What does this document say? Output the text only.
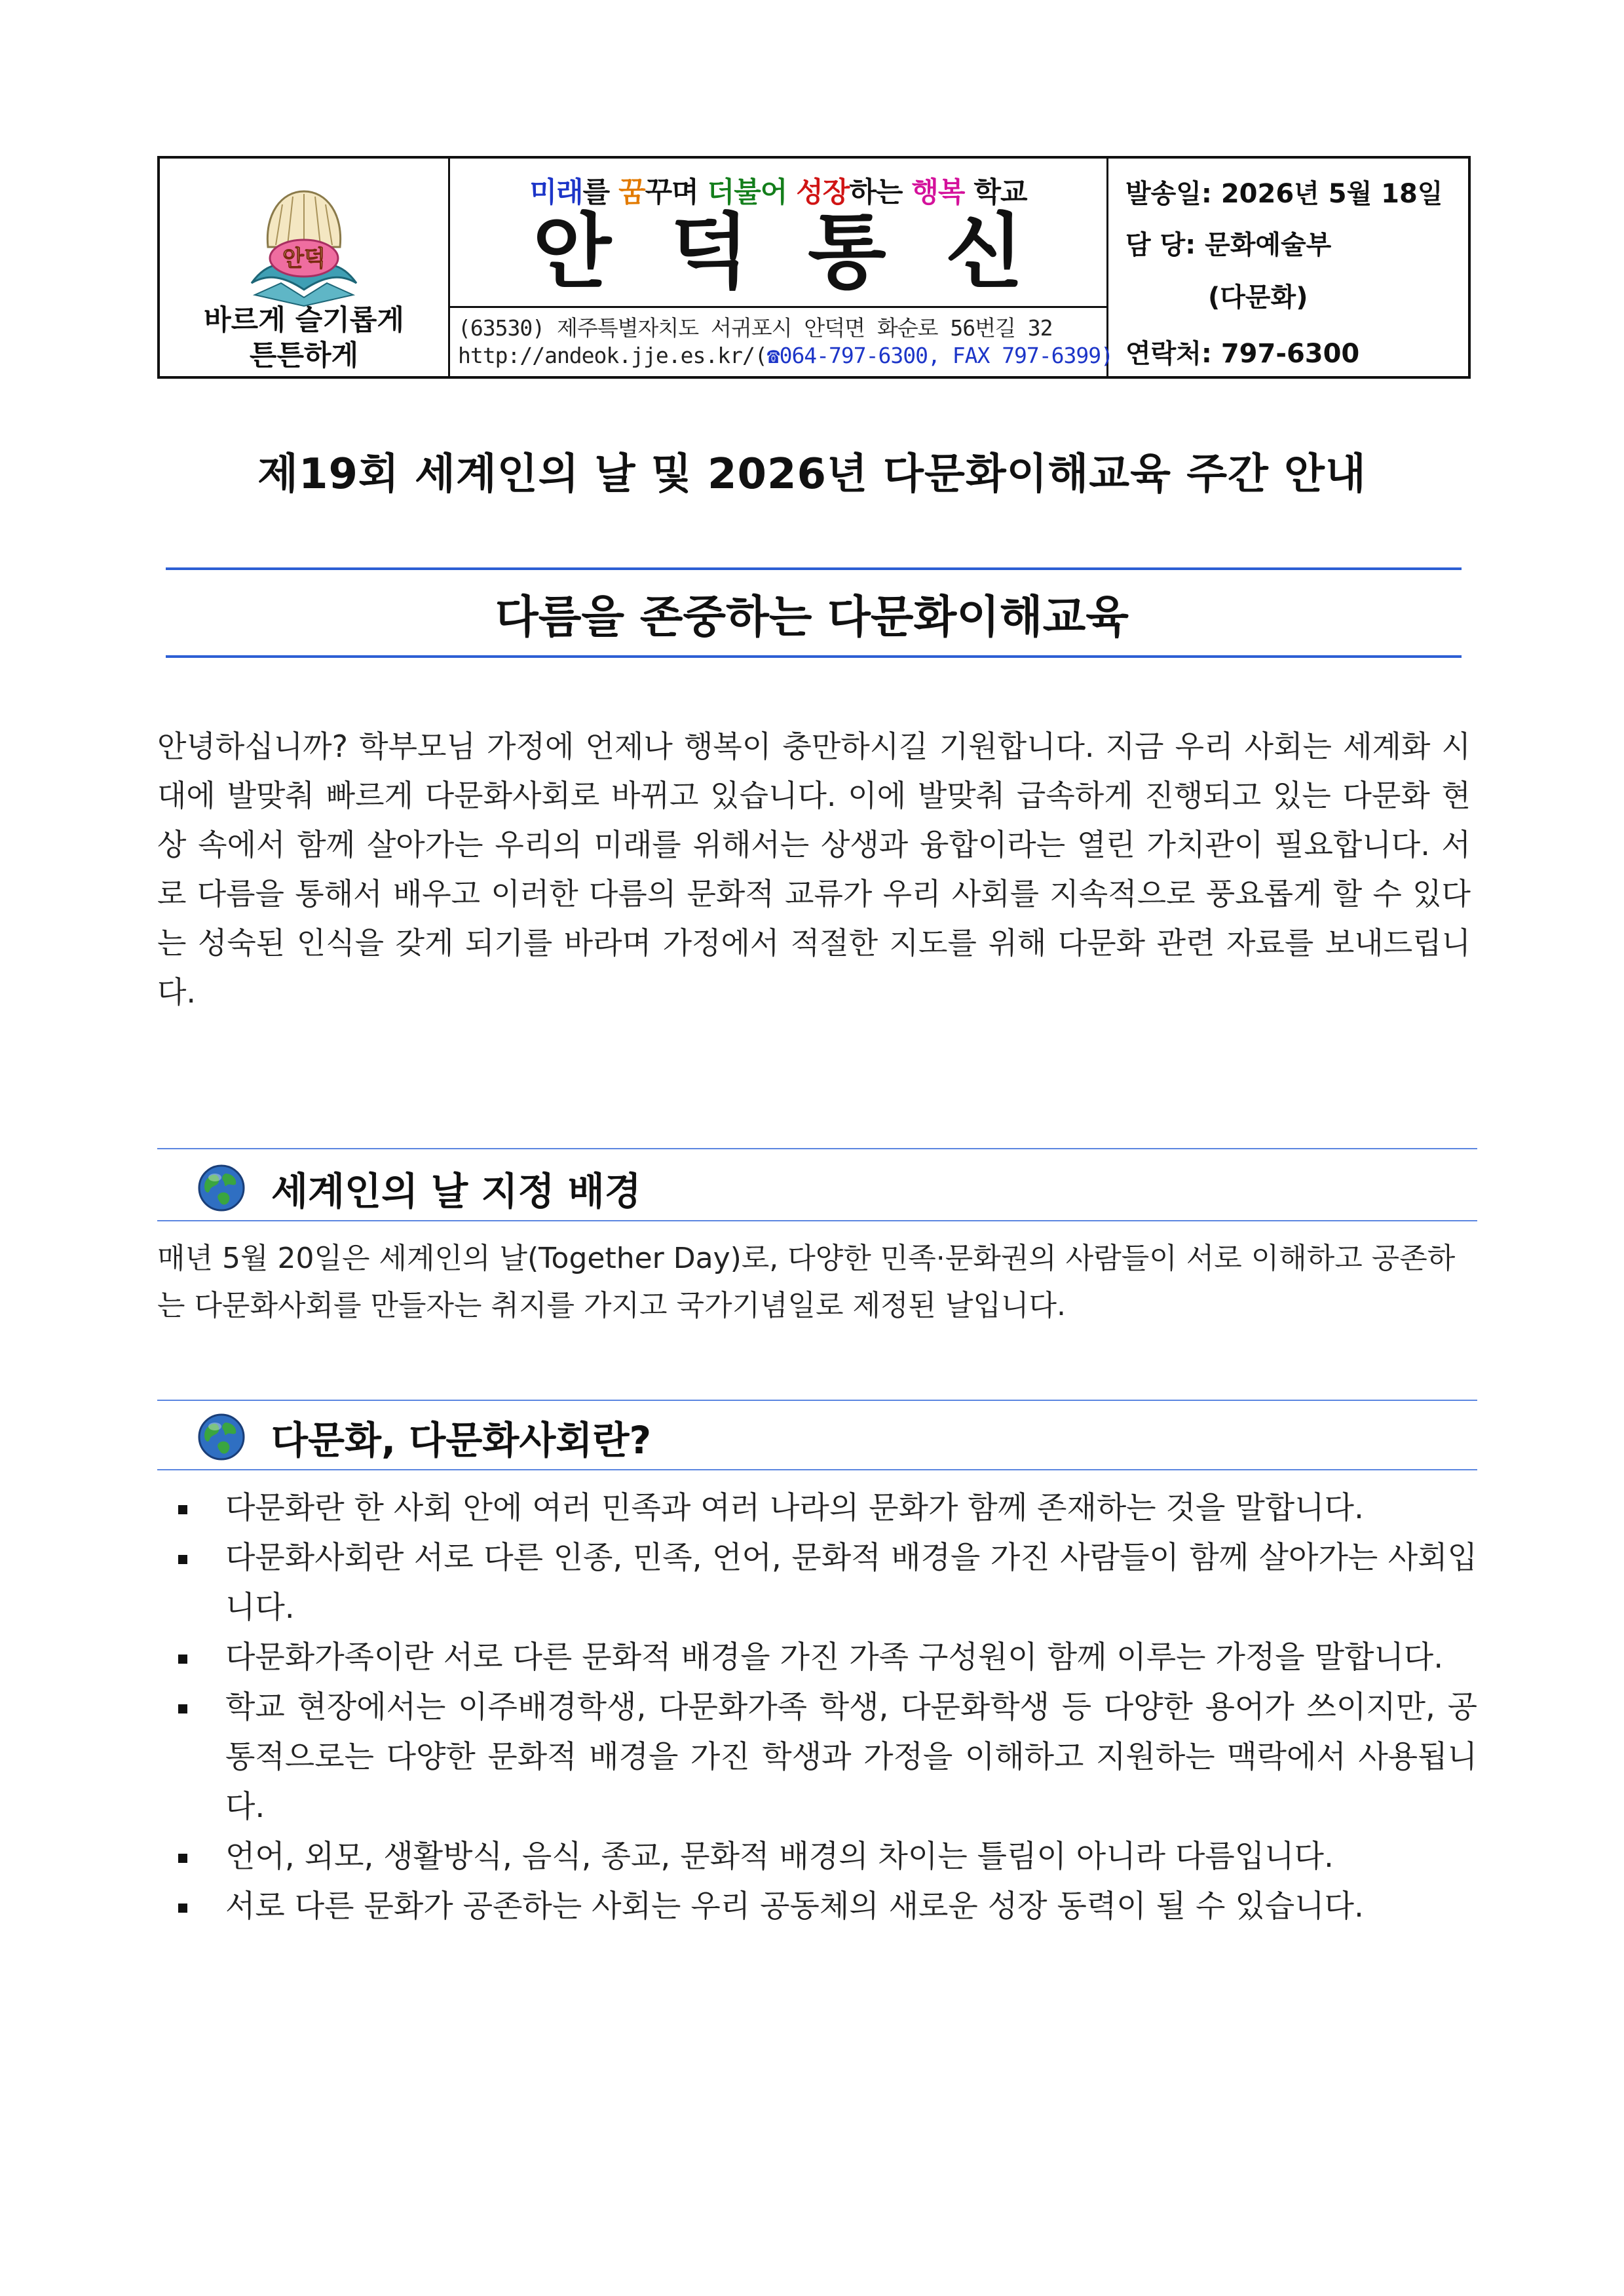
안덕
바르게 슬기롭게
튼튼하게
미래를 꿈꾸며 더불어 성장하는 행복 학교
안덕통신
(63530) 제주특별자치도 서귀포시 안덕면 화순로 56번길 32
http://andeok.jje.es.kr/(☎064-797-6300, FAX 797-6399)
발송일: 2026년 5월 18일
담 당: 문화예술부
(다문화)
연락처: 797-6300
제19회 세계인의 날 및 2026년 다문화이해교육 주간 안내
다름을 존중하는 다문화이해교육
안녕하십니까? 학부모님 가정에 언제나 행복이 충만하시길 기원합니다. 지금 우리 사회는 세계화 시대에 발맞춰 빠르게 다문화사회로 바뀌고 있습니다. 이에 발맞춰 급속하게 진행되고 있는 다문화 현상 속에서 함께 살아가는 우리의 미래를 위해서는 상생과 융합이라는 열린 가치관이 필요합니다. 서로 다름을 통해서 배우고 이러한 다름의 문화적 교류가 우리 사회를 지속적으로 풍요롭게 할 수 있다는 성숙된 인식을 갖게 되기를 바라며 가정에서 적절한 지도를 위해 다문화 관련 자료를 보내드립니다.
세계인의 날 지정 배경
매년 5월 20일은 세계인의 날(Together Day)로, 다양한 민족·문화권의 사람들이 서로 이해하고 공존하는 다문화사회를 만들자는 취지를 가지고 국가기념일로 제정된 날입니다.
다문화, 다문화사회란?
다문화란 한 사회 안에 여러 민족과 여러 나라의 문화가 함께 존재하는 것을 말합니다.
다문화사회란 서로 다른 인종, 민족, 언어, 문화적 배경을 가진 사람들이 함께 살아가는 사회입니다.
다문화가족이란 서로 다른 문화적 배경을 가진 가족 구성원이 함께 이루는 가정을 말합니다.
학교 현장에서는 이주배경학생, 다문화가족 학생, 다문화학생 등 다양한 용어가 쓰이지만, 공통적으로는 다양한 문화적 배경을 가진 학생과 가정을 이해하고 지원하는 맥락에서 사용됩니다.
언어, 외모, 생활방식, 음식, 종교, 문화적 배경의 차이는 틀림이 아니라 다름입니다.
서로 다른 문화가 공존하는 사회는 우리 공동체의 새로운 성장 동력이 될 수 있습니다.
